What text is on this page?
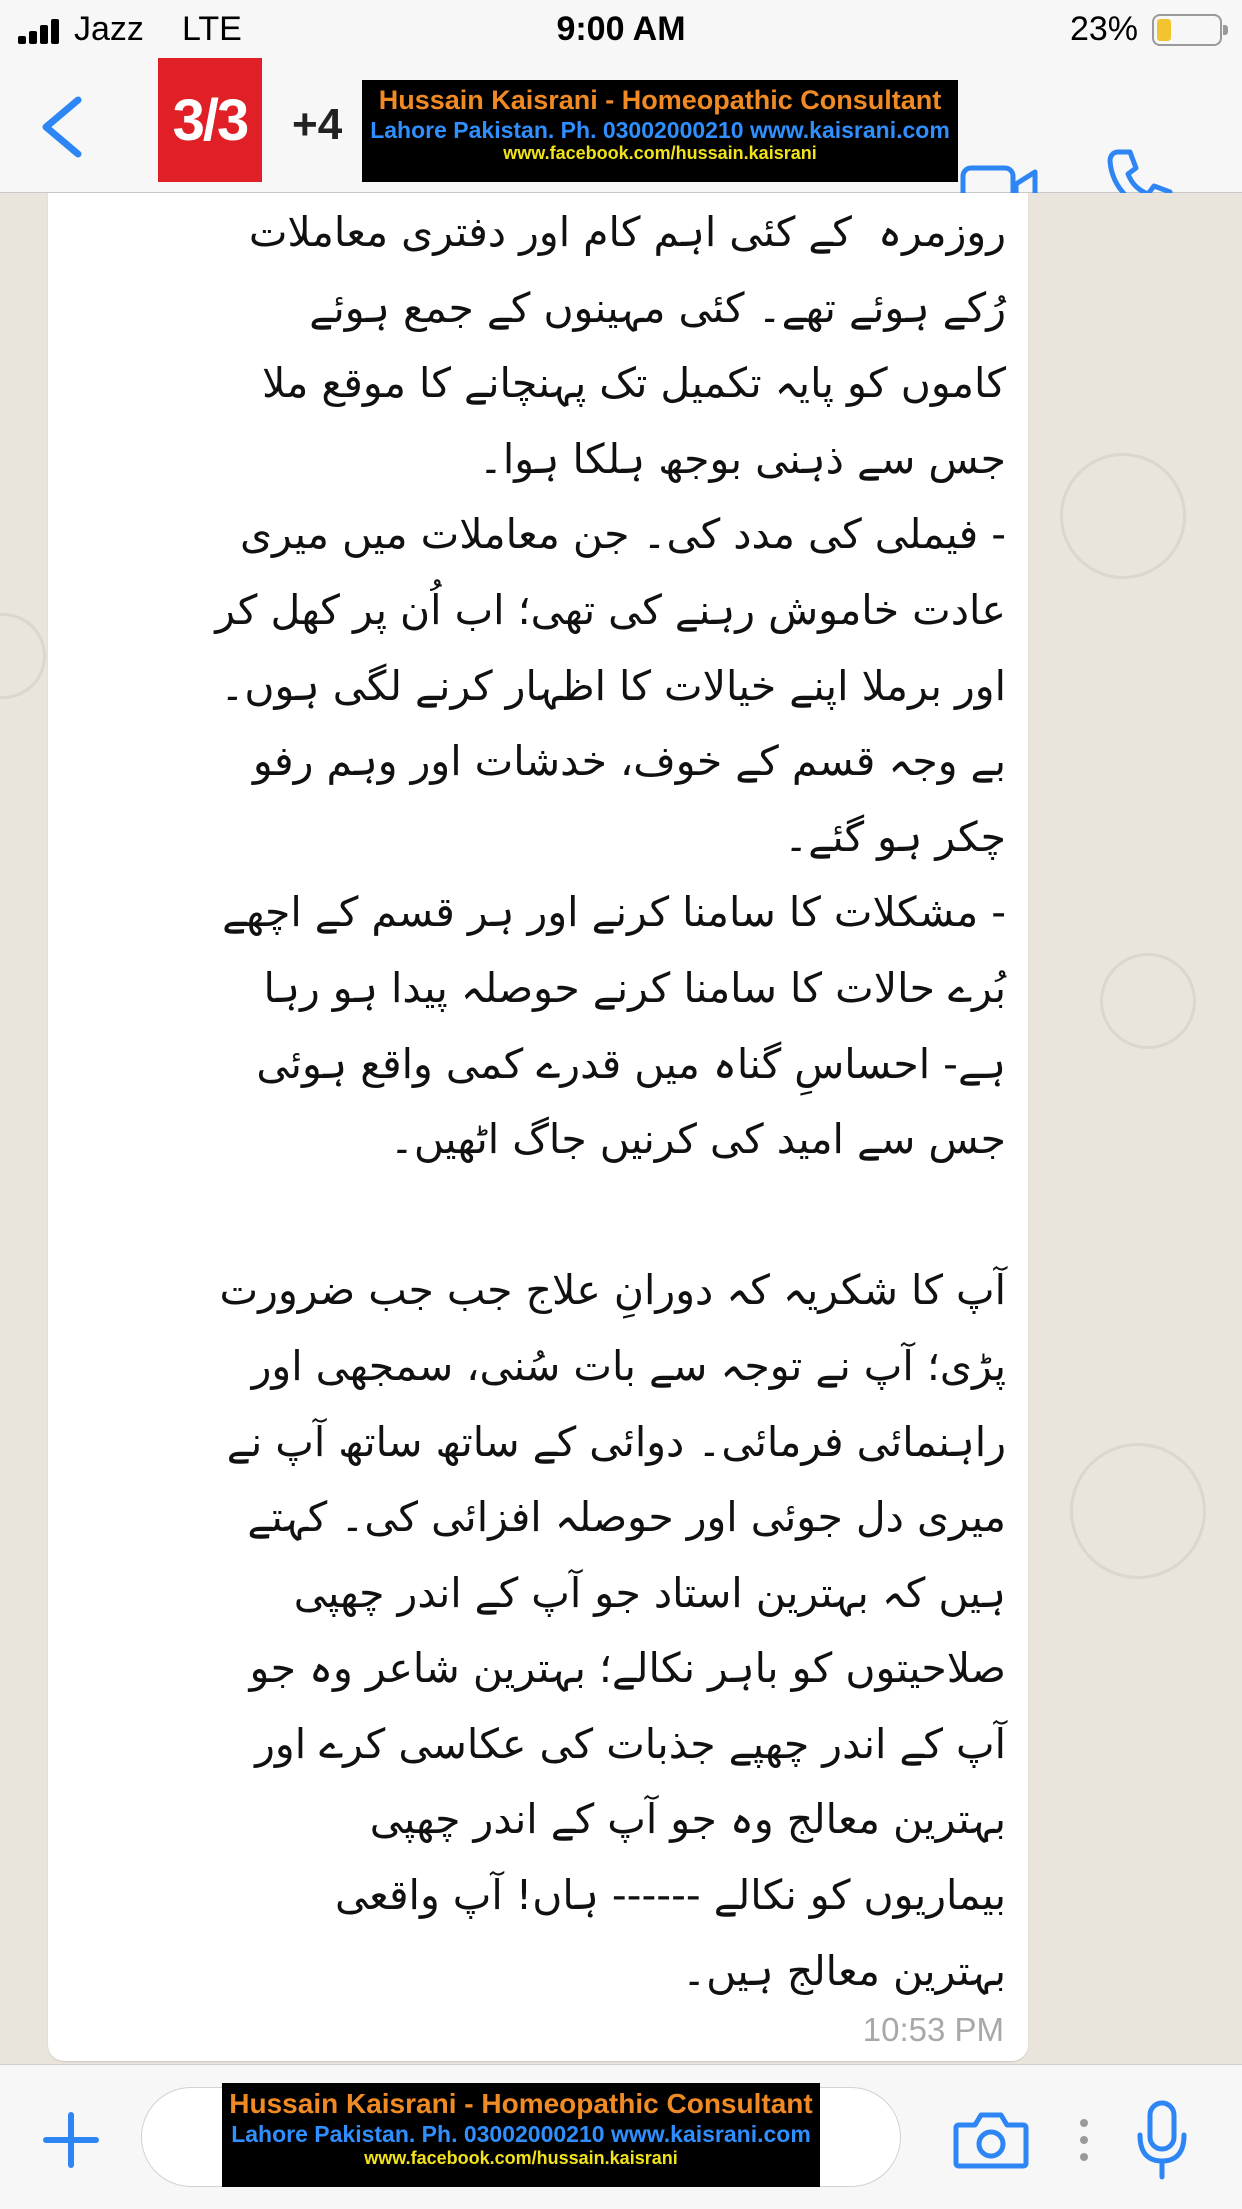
Jazz LTE	9:00 AM	23%
3/3	+4	Hussain Kaisrani - Homeopathic Consultant
Lahore Pakistan. Ph. 03002000210 www.kaisrani.com
www.facebook.com/hussain.kaisrani
روزمرہ  کے کئی اہم کام اور دفتری معاملات
رُکے ہوئے تھے۔ کئی مہینوں کے جمع ہوئے
کاموں کو پایہ تکمیل تک پہنچانے کا موقع ملا
جس سے ذہنی بوجھ ہلکا ہوا۔
- فیملی کی مدد کی۔ جن معاملات میں میری
عادت خاموش رہنے کی تھی؛ اب اُن پر کھل کر
اور برملا اپنے خیالات کا اظہار کرنے لگی ہوں۔
بے وجہ قسم کے خوف، خدشات اور وہم رفو
چکر ہو گئے۔
- مشکلات کا سامنا کرنے اور ہر قسم کے اچھے
بُرے حالات کا سامنا کرنے حوصلہ پیدا ہو رہا
ہے- احساسِ گناہ میں قدرے کمی واقع ہوئی
جس سے امید کی کرنیں جاگ اٹھیں۔
آپ کا شکریہ کہ دورانِ علاج جب جب ضرورت
پڑی؛ آپ نے توجہ سے بات سُنی، سمجھی اور
راہنمائی فرمائی۔ دوائی کے ساتھ ساتھ آپ نے
میری دل جوئی اور حوصلہ افزائی کی۔ کہتے
ہیں کہ بہترین استاد جو آپ کے اندر چھپی
صلاحیتوں کو باہر نکالے؛ بہترین شاعر وہ جو
آپ کے اندر چھپے جذبات کی عکاسی کرے اور
بہترین معالج وہ جو آپ کے اندر چھپی
بیماریوں کو نکالے ------ ہاں! آپ واقعی
بہترین معالج ہیں۔
10:53 PM
Hussain Kaisrani - Homeopathic Consultant
Lahore Pakistan. Ph. 03002000210 www.kaisrani.com
www.facebook.com/hussain.kaisrani
